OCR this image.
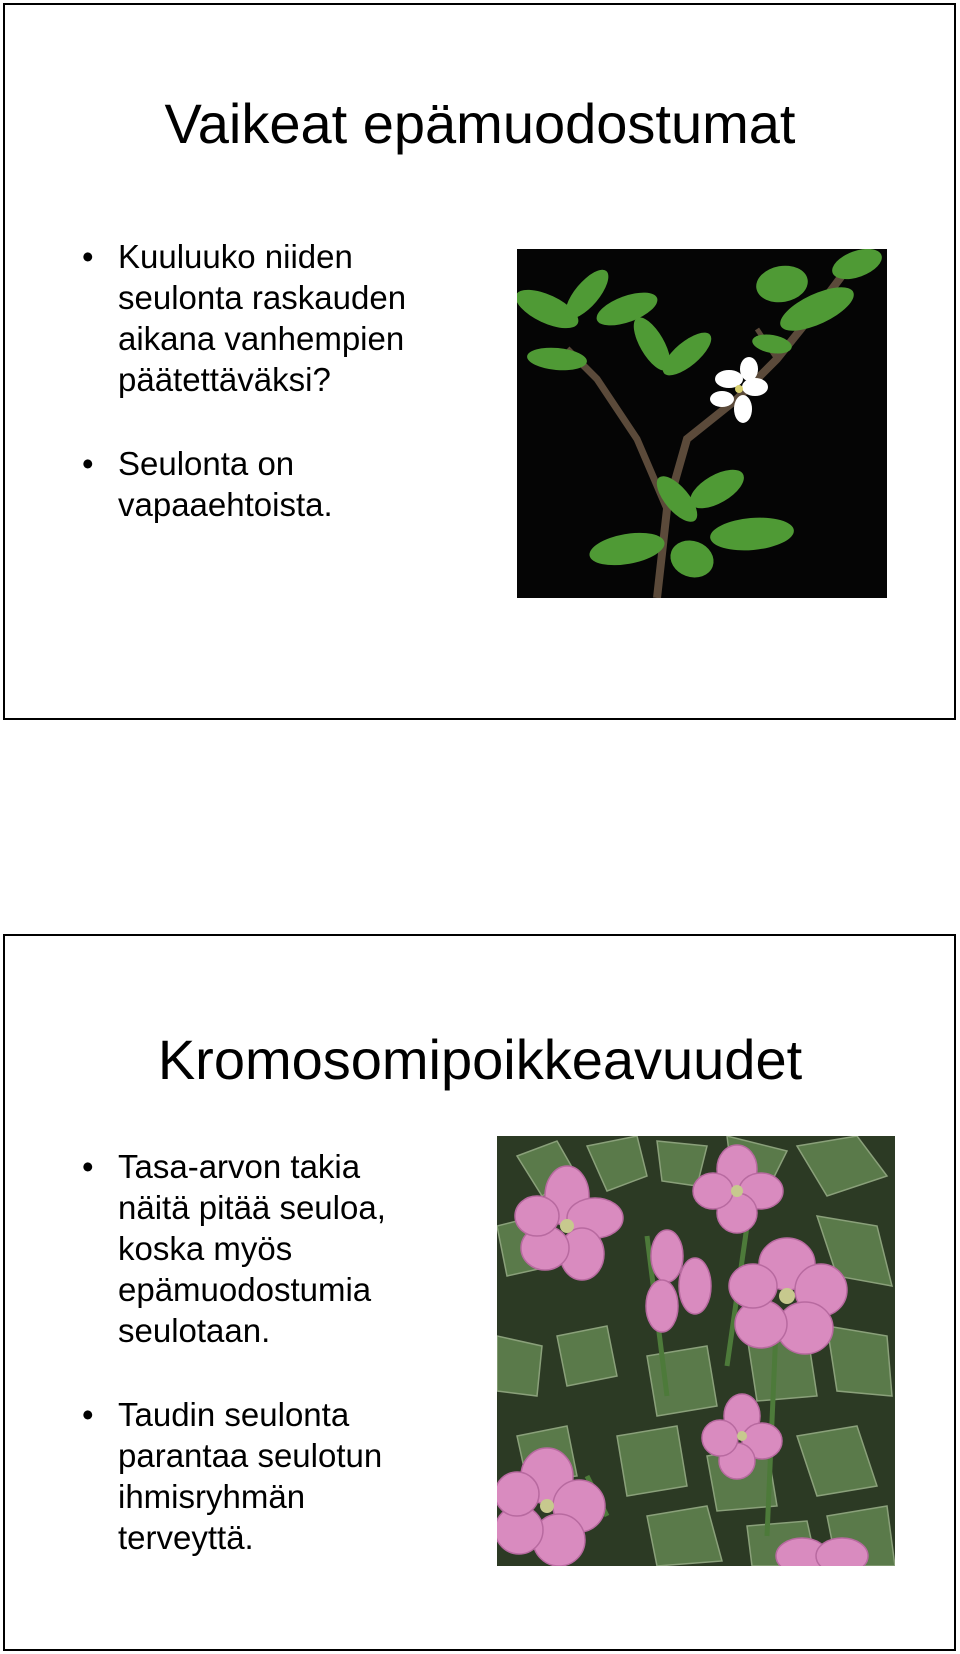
Vaikeat epämuodostumat
• Kuuluuko niiden
seulonta raskauden
aikana vanhempien
päätettäväksi?
• Seulonta on
vapaaehtoista.
Kromosomipoikkeavuudet
• Tasa-arvon takia
näitä pitää seuloa,
koska myös
epämuodostumia
seulotaan.
• Taudin seulonta
parantaa seulotun
ihmisryhmän
terveyttä.
